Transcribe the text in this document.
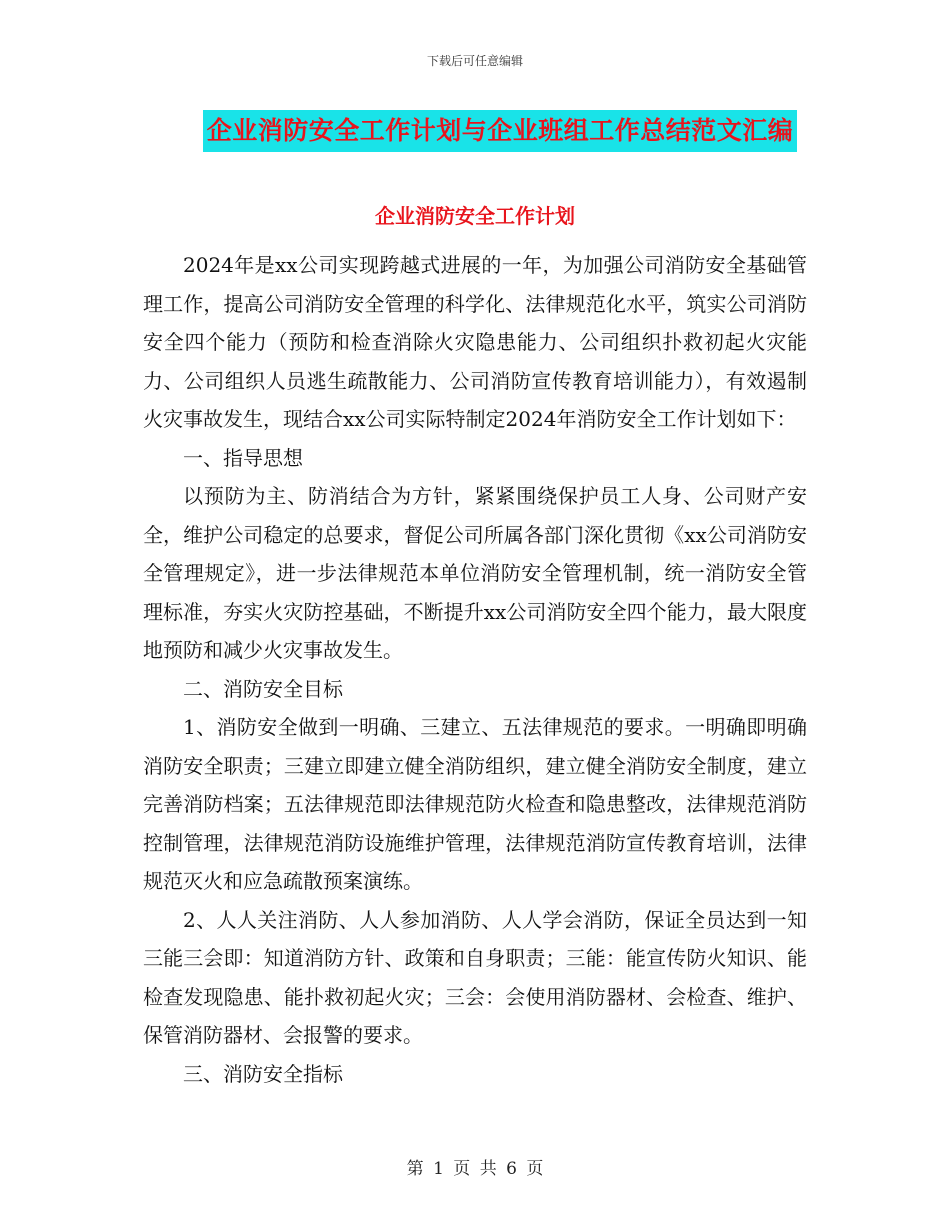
下载后可任意编辑
企业消防安全工作计划与企业班组工作总结范文汇编
企业消防安全工作计划

2024年是xx公司实现跨越式进展的一年，为加强公司消防安全基础管理工作，提高公司消防安全管理的科学化、法律规范化水平，筑实公司消防安全四个能力（预防和检查消除火灾隐患能力、公司组织扑救初起火灾能力、公司组织人员逃生疏散能力、公司消防宣传教育培训能力），有效遏制火灾事故发生，现结合xx公司实际特制定2024年消防安全工作计划如下：

一、指导思想

以预防为主、防消结合为方针，紧紧围绕保护员工人身、公司财产安全，维护公司稳定的总要求，督促公司所属各部门深化贯彻《xx公司消防安全管理规定》，进一步法律规范本单位消防安全管理机制，统一消防安全管理标准，夯实火灾防控基础，不断提升xx公司消防安全四个能力，最大限度地预防和减少火灾事故发生。

二、消防安全目标

1、消防安全做到一明确、三建立、五法律规范的要求。一明确即明确消防安全职责；三建立即建立健全消防组织，建立健全消防安全制度，建立完善消防档案；五法律规范即法律规范防火检查和隐患整改，法律规范消防控制管理，法律规范消防设施维护管理，法律规范消防宣传教育培训，法律规范灭火和应急疏散预案演练。

2、人人关注消防、人人参加消防、人人学会消防，保证全员达到一知三能三会即：知道消防方针、政策和自身职责；三能：能宣传防火知识、能检查发现隐患、能扑救初起火灾；三会：会使用消防器材、会检查、维护、保管消防器材、会报警的要求。

三、消防安全指标

第 1 页 共 6 页
